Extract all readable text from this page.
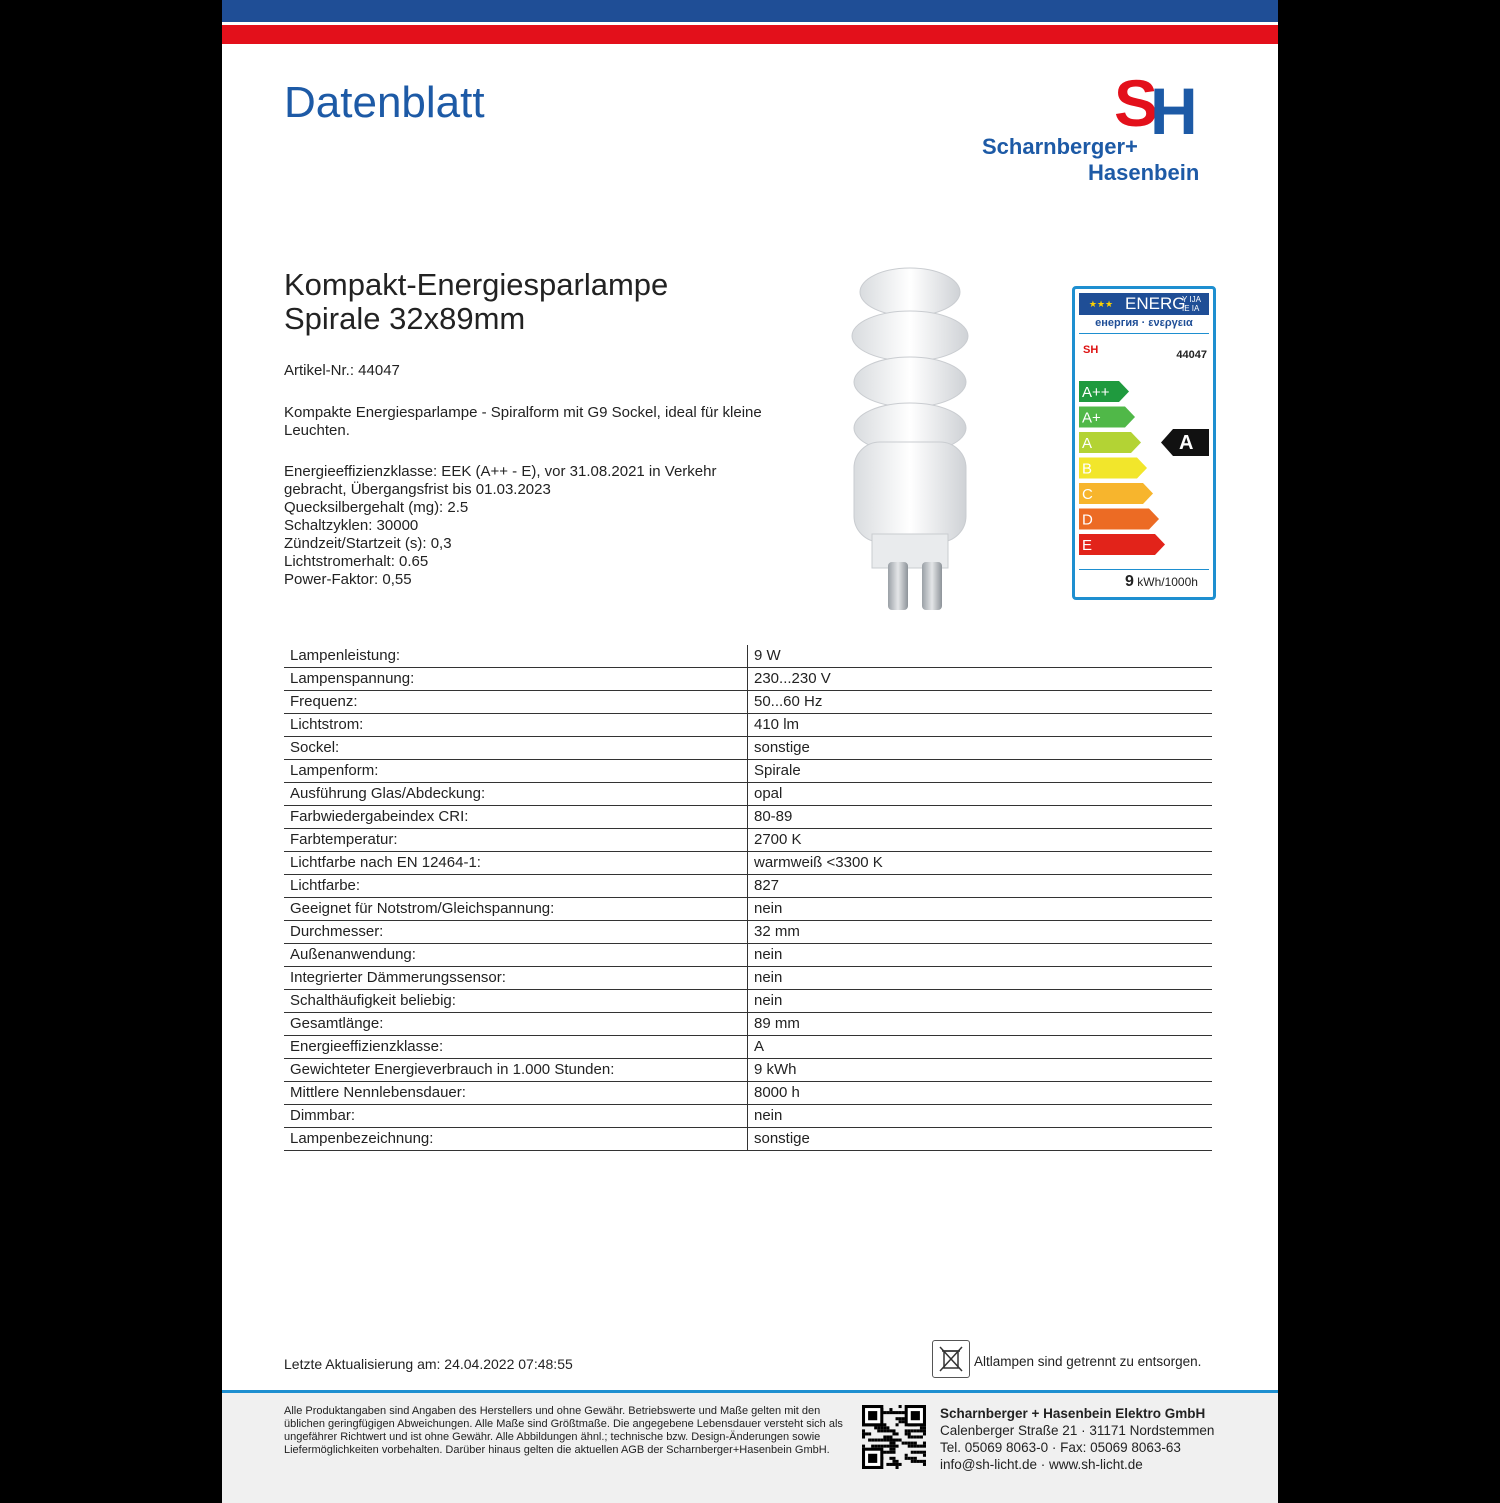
Datenblatt	S
H
Scharnberger+
Hasenbein
Kompakt-Energiesparlampe
Spirale 32x89mm
Artikel-Nr.: 44047
Kompakte Energiesparlampe - Spiralform mit G9 Sockel, ideal für kleine Leuchten.
Energieeffizienzklasse: EEK (A++ - E), vor 31.08.2021 in Verkehr
gebracht, Übergangsfrist bis 01.03.2023
Quecksilbergehalt (mg): 2.5
Schaltzyklen: 30000
Zündzeit/Startzeit (s): 0,3
Lichtstromerhalt: 0.65
Power-Faktor: 0,55
★★★ ENERG
Y IJA IE IA
енергия · ενεργεια
44047
SH
A++
A+
A	A
B
C
D
E
9 kWh/1000h
Lampenleistung:	9 W
Lampenspannung:	230...230 V
Frequenz:	50...60 Hz
Lichtstrom:	410 lm
Sockel:	sonstige
Lampenform:	Spirale
Ausführung Glas/Abdeckung:	opal
Farbwiedergabeindex CRI:	80-89
Farbtemperatur:	2700 K
Lichtfarbe nach EN 12464-1:	warmweiß <3300 K
Lichtfarbe:	827
Geeignet für Notstrom/Gleichspannung:	nein
Durchmesser:	32 mm
Außenanwendung:	nein
Integrierter Dämmerungssensor:	nein
Schalthäufigkeit beliebig:	nein
Gesamtlänge:	89 mm
Energieeffizienzklasse:	A
Gewichteter Energieverbrauch in 1.000 Stunden:	9 kWh
Mittlere Nennlebensdauer:	8000 h
Dimmbar:	nein
Lampenbezeichnung:	sonstige
Letzte Aktualisierung am: 24.04.2022 07:48:55	Altlampen sind getrennt zu entsorgen.
Alle Produktangaben sind Angaben des Herstellers und ohne Gewähr. Betriebswerte und Maße gelten mit den üblichen geringfügigen Abweichungen. Alle Maße sind Größtmaße. Die angegebene Lebensdauer versteht sich als ungefährer Richtwert und ist ohne Gewähr. Alle Abbildungen ähnl.; technische bzw. Design-Änderungen sowie Liefermöglichkeiten vorbehalten. Darüber hinaus gelten die aktuellen AGB der Scharnberger+Hasenbein GmbH.
Scharnberger + Hasenbein Elektro GmbH
Calenberger Straße 21 · 31171 Nordstemmen
Tel. 05069 8063-0 · Fax: 05069 8063-63
info@sh-licht.de · www.sh-licht.de
